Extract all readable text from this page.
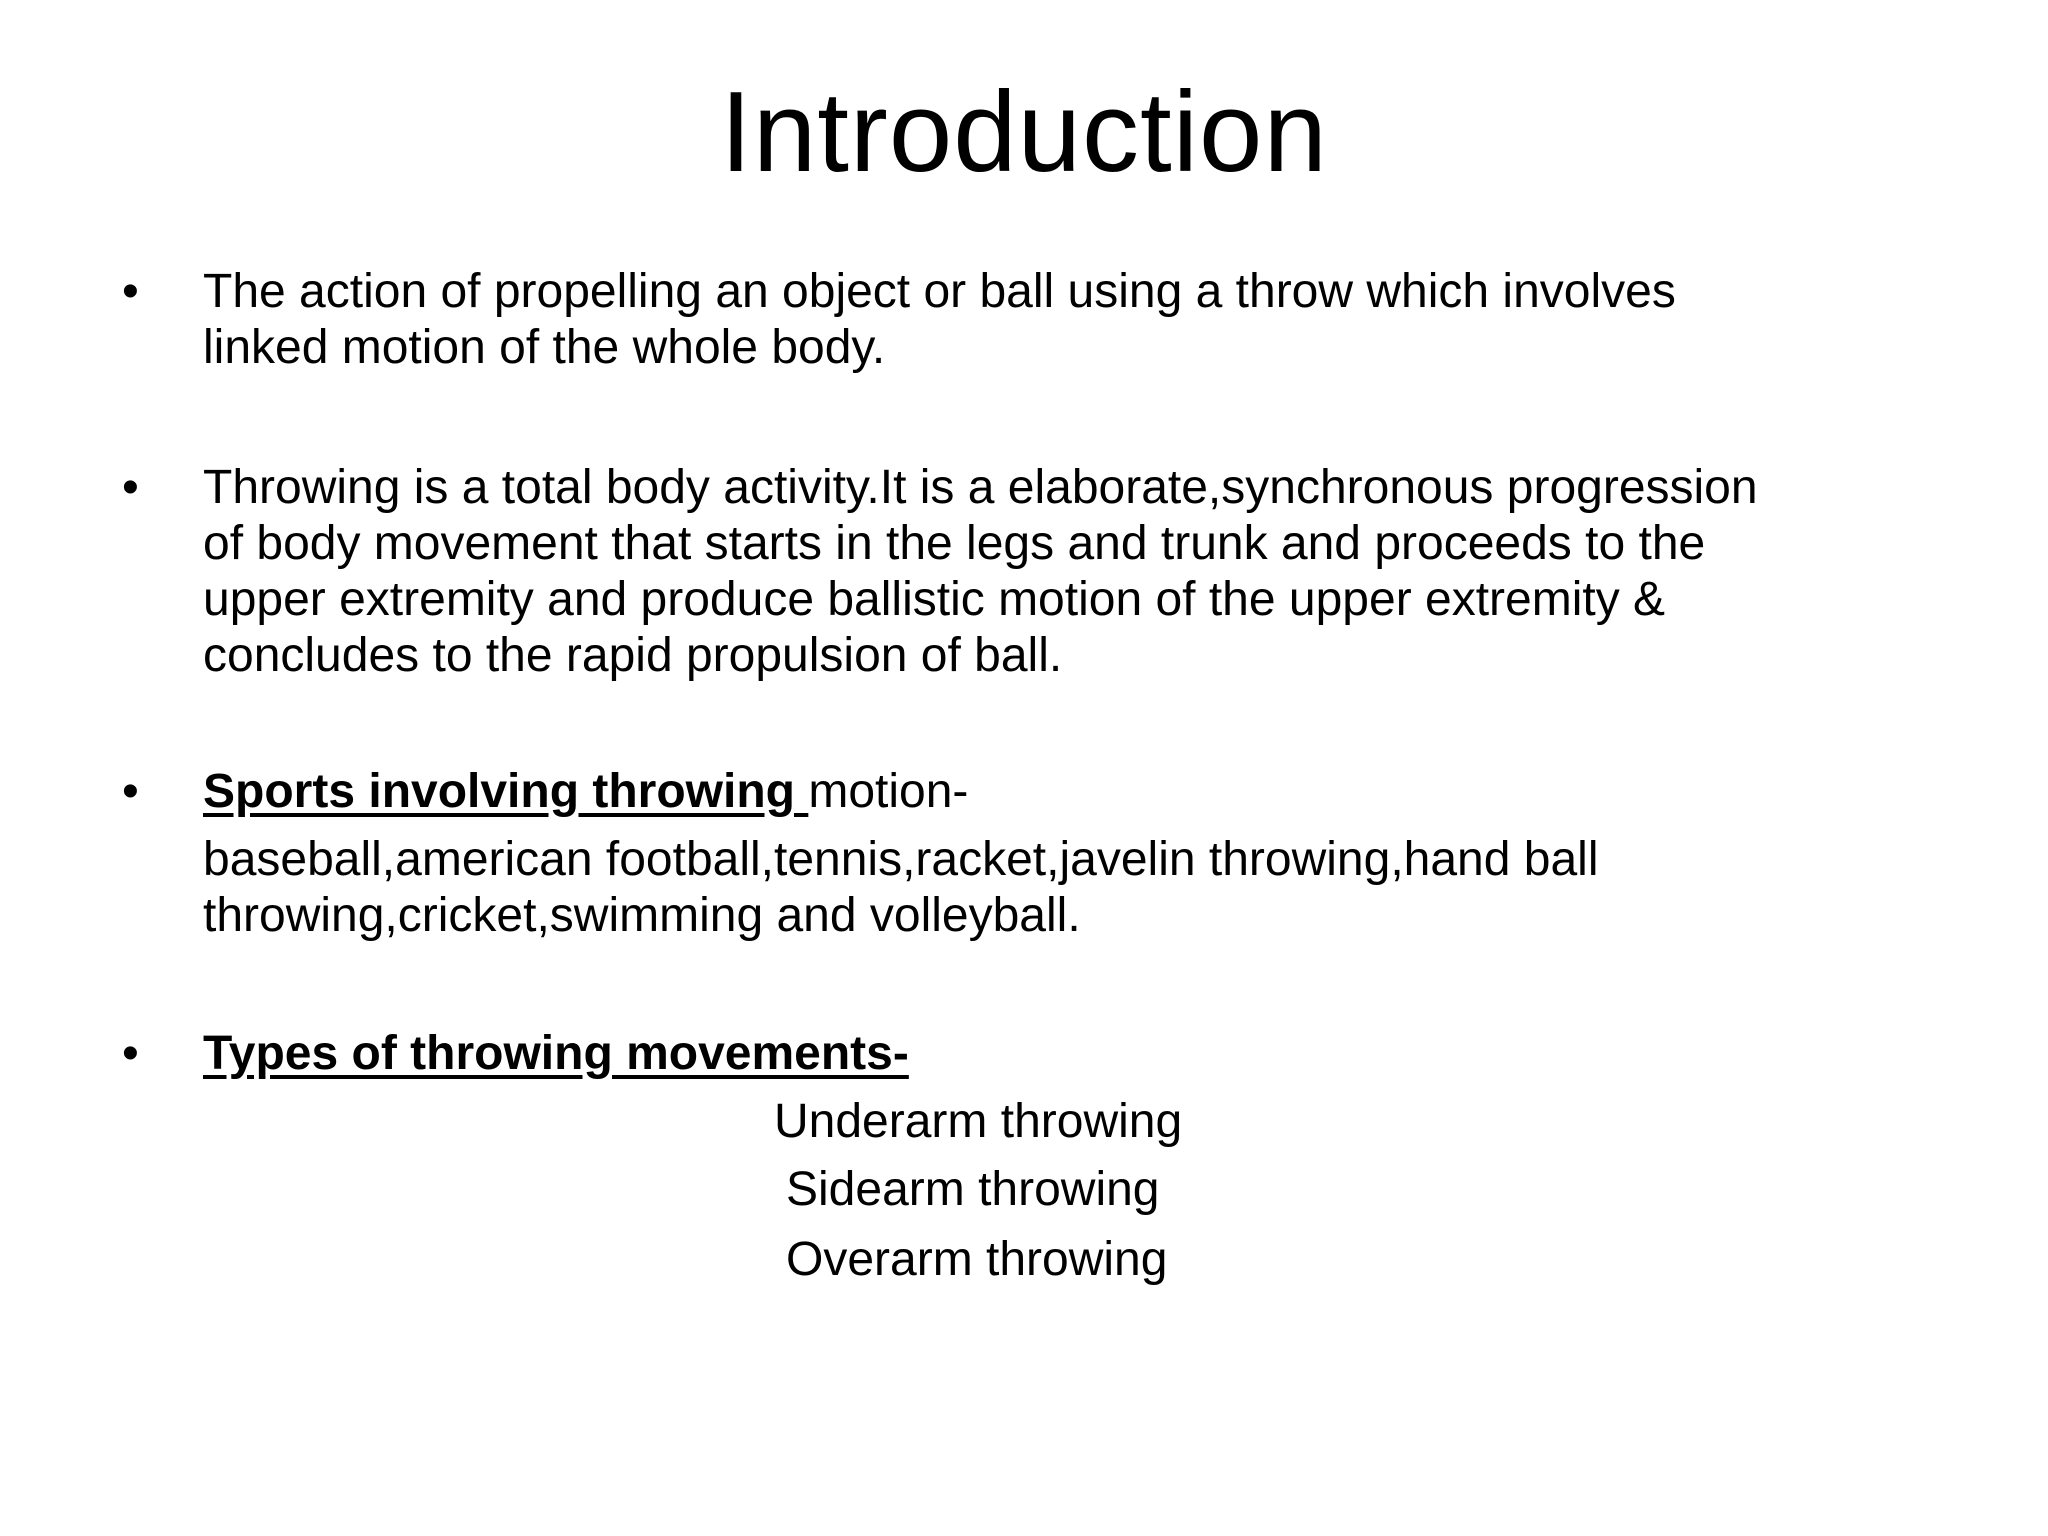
Introduction
• The action of propelling an object or ball using a throw which involves
linked motion of the whole body.
• Throwing is a total body activity.It is a elaborate,synchronous progression
of body movement that starts in the legs and trunk and proceeds to the
upper extremity and produce ballistic motion of the upper extremity &
concludes to the rapid propulsion of ball.
• Sports involving throwing motion-
baseball,american football,tennis,racket,javelin throwing,hand ball
throwing,cricket,swimming and volleyball.
• Types of throwing movements-
Underarm throwing
Sidearm throwing
Overarm throwing
